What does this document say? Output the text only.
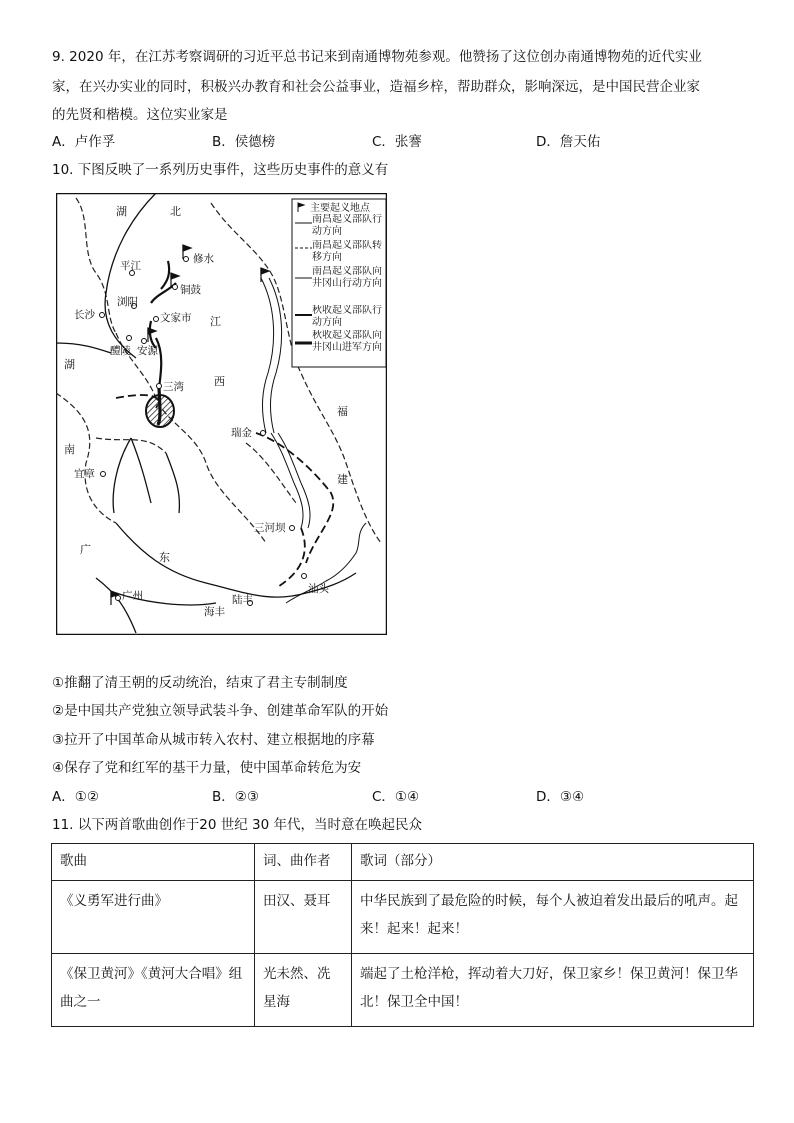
9. 2020 年，在江苏考察调研的习近平总书记来到南通博物苑参观。他赞扬了这位创办南通博物苑的近代实业
家，在兴办实业的同时，积极兴办教育和社会公益事业，造福乡梓，帮助群众，影响深远，是中国民营企业家
的先贤和楷模。这位实业家是
A．卢作孚	B．侯德榜	C．张謇	D．詹天佑
10. 下图反映了一系列历史事件，这些历史事件的意义有
湖	北
湖
南
江
西
福
建
广
东
修水
平江
铜鼓
浏阳
文家市
长沙
醴陵 安源
三湾
瑞金
宜章
三河坝
汕头
广州	陆丰
海丰
主要起义地点
南昌起义部队行动方向
南昌起义部队转移方向
南昌起义部队向井冈山行动方向
秋收起义部队行动方向
秋收起义部队向井冈山进军方向
①推翻了清王朝的反动统治，结束了君主专制制度
②是中国共产党独立领导武装斗争、创建革命军队的开始
③拉开了中国革命从城市转入农村、建立根据地的序幕
④保存了党和红军的基干力量，使中国革命转危为安
A．①②	B．②③	C．①④	D．③④
11. 以下两首歌曲创作于20 世纪 30 年代，当时意在唤起民众
歌曲	词、曲作者	歌词（部分）
《义勇军进行曲》	田汉、聂耳	中华民族到了最危险的时候，每个人被迫着发出最后的吼声。起来！起来！起来！
《保卫黄河》《黄河大合唱》组曲之一	光未然、冼星海	端起了土枪洋枪，挥动着大刀好，保卫家乡！保卫黄河！保卫华北！保卫全中国！
